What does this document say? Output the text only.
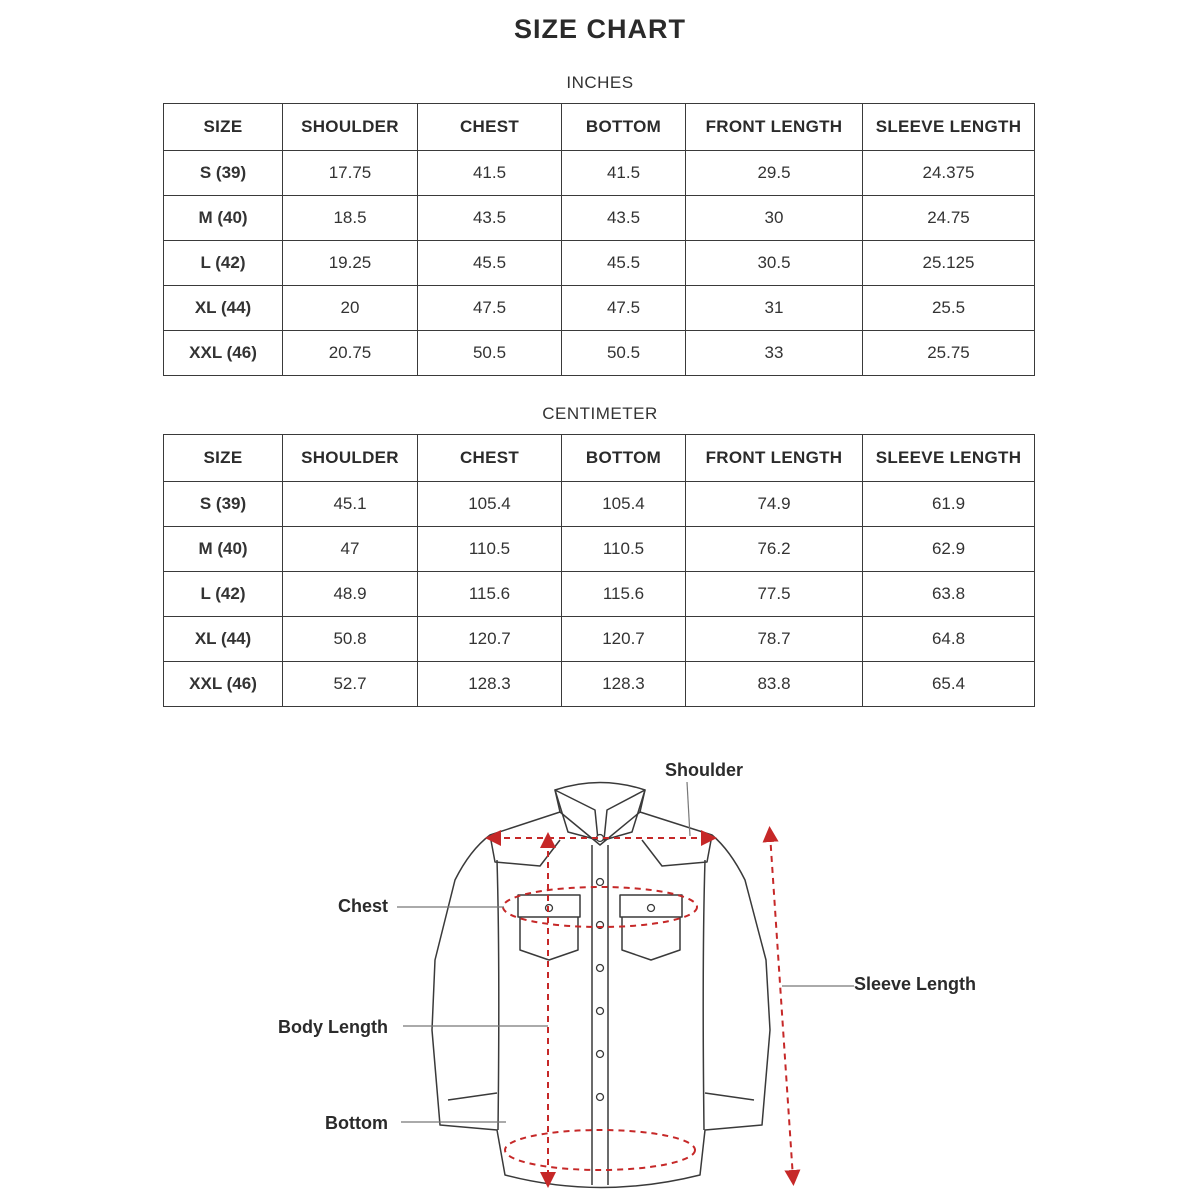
SIZE CHART
INCHES
SIZE	SHOULDER	CHEST	BOTTOM	FRONT LENGTH	SLEEVE LENGTH
S (39)	17.75	41.5	41.5	29.5	24.375
M (40)	18.5	43.5	43.5	30	24.75
L (42)	19.25	45.5	45.5	30.5	25.125
XL (44)	20	47.5	47.5	31	25.5
XXL (46)	20.75	50.5	50.5	33	25.75
CENTIMETER
SIZE	SHOULDER	CHEST	BOTTOM	FRONT LENGTH	SLEEVE LENGTH
S (39)	45.1	105.4	105.4	74.9	61.9
M (40)	47	110.5	110.5	76.2	62.9
L (42)	48.9	115.6	115.6	77.5	63.8
XL (44)	50.8	120.7	120.7	78.7	64.8
XXL (46)	52.7	128.3	128.3	83.8	65.4
Shoulder
Chest
Sleeve Length
Body Length
Bottom
